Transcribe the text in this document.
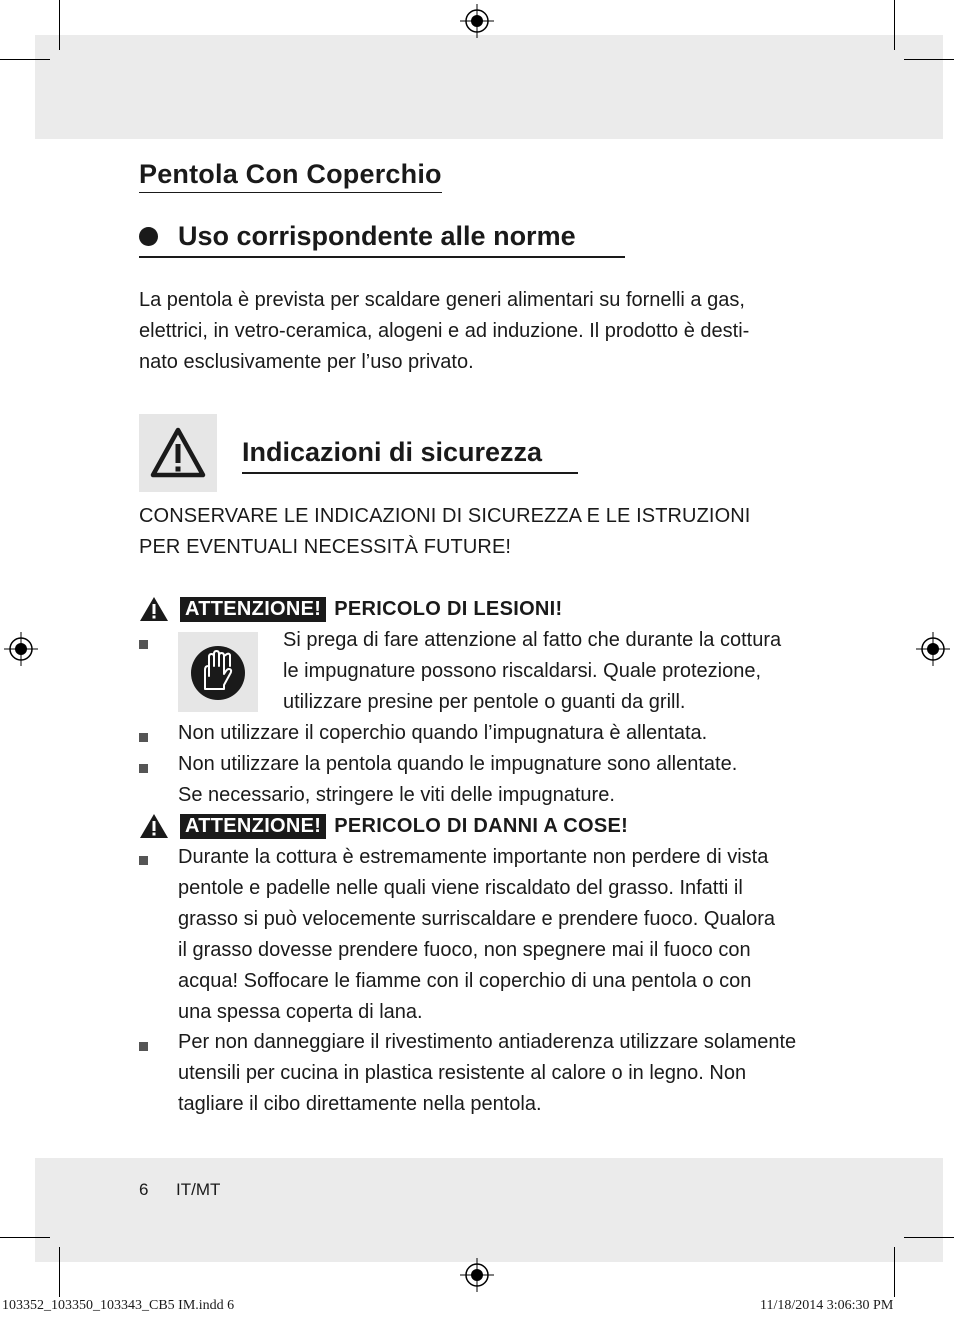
Pentola Con Coperchio
Uso corrispondente alle norme
La pentola è prevista per scaldare generi alimentari su fornelli a gas,
elettrici, in vetro-ceramica, alogeni e ad induzione. Il prodotto è desti-
nato esclusivamente per l’uso privato.
Indicazioni di sicurezza
CONSERVARE LE INDICAZIONI DI SICUREZZA E LE ISTRUZIONI
PER EVENTUALI NECESSITÀ FUTURE!
ATTENZIONE! PERICOLO DI LESIONI!
Si prega di fare attenzione al fatto che durante la cottura
le impugnature possono riscaldarsi. Quale protezione,
utilizzare presine per pentole o guanti da grill.
Non utilizzare il coperchio quando l’impugnatura è allentata.
Non utilizzare la pentola quando le impugnature sono allentate.
Se necessario, stringere le viti delle impugnature.
ATTENZIONE! PERICOLO DI DANNI A COSE!
Durante la cottura è estremamente importante non perdere di vista
pentole e padelle nelle quali viene riscaldato del grasso. Infatti il
grasso si può velocemente surriscaldare e prendere fuoco. Qualora
il grasso dovesse prendere fuoco, non spegnere mai il fuoco con
acqua! Soffocare le fiamme con il coperchio di una pentola o con
una spessa coperta di lana.
Per non danneggiare il rivestimento antiaderenza utilizzare solamente
utensili per cucina in plastica resistente al calore o in legno. Non
tagliare il cibo direttamente nella pentola.
6 IT/MT
103352_103350_103343_CB5 IM.indd 6	11/18/2014 3:06:30 PM
